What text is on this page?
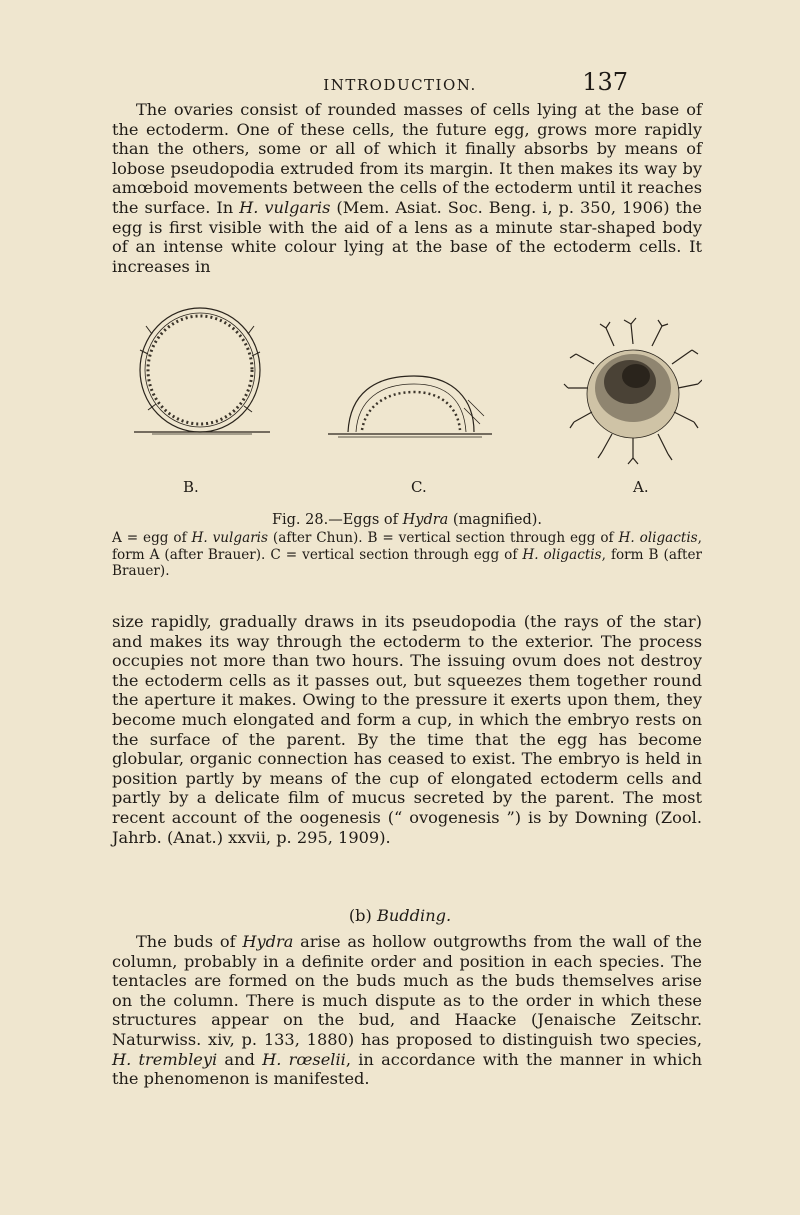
INTRODUCTION.	137

The ovaries consist of rounded masses of cells lying at the base of the ectoderm. One of these cells, the future egg, grows more rapidly than the others, some or all of which it finally absorbs by means of lobose pseudopodia extruded from its margin. It then makes its way by amœboid movements between the cells of the ectoderm until it reaches the surface. In H. vulgaris (Mem. Asiat. Soc. Beng. i, p. 350, 1906) the egg is first visible with the aid of a lens as a minute star-shaped body of an intense white colour lying at the base of the ectoderm cells. It increases in

B.	C.	A.
Fig. 28.—Eggs of Hydra (magnified).

A = egg of H. vulgaris (after Chun). B = vertical section through egg of H. oligactis, form A (after Brauer). C = vertical section through egg of H. oligactis, form B (after Brauer).

size rapidly, gradually draws in its pseudopodia (the rays of the star) and makes its way through the ectoderm to the exterior. The process occupies not more than two hours. The issuing ovum does not destroy the ectoderm cells as it passes out, but squeezes them together round the aperture it makes. Owing to the pressure it exerts upon them, they become much elongated and form a cup, in which the embryo rests on the surface of the parent. By the time that the egg has become globular, organic connection has ceased to exist. The embryo is held in position partly by means of the cup of elongated ectoderm cells and partly by a delicate film of mucus secreted by the parent. The most recent account of the oogenesis (“ ovogenesis ”) is by Downing (Zool. Jahrb. (Anat.) xxvii, p. 295, 1909).

(b) Budding.

The buds of Hydra arise as hollow outgrowths from the wall of the column, probably in a definite order and position in each species. The tentacles are formed on the buds much as the buds themselves arise on the column. There is much dispute as to the order in which these structures appear on the bud, and Haacke (Jenaische Zeitschr. Naturwiss. xiv, p. 133, 1880) has proposed to distinguish two species, H. trembleyi and H. rœselii, in accordance with the manner in which the phenomenon is manifested.
